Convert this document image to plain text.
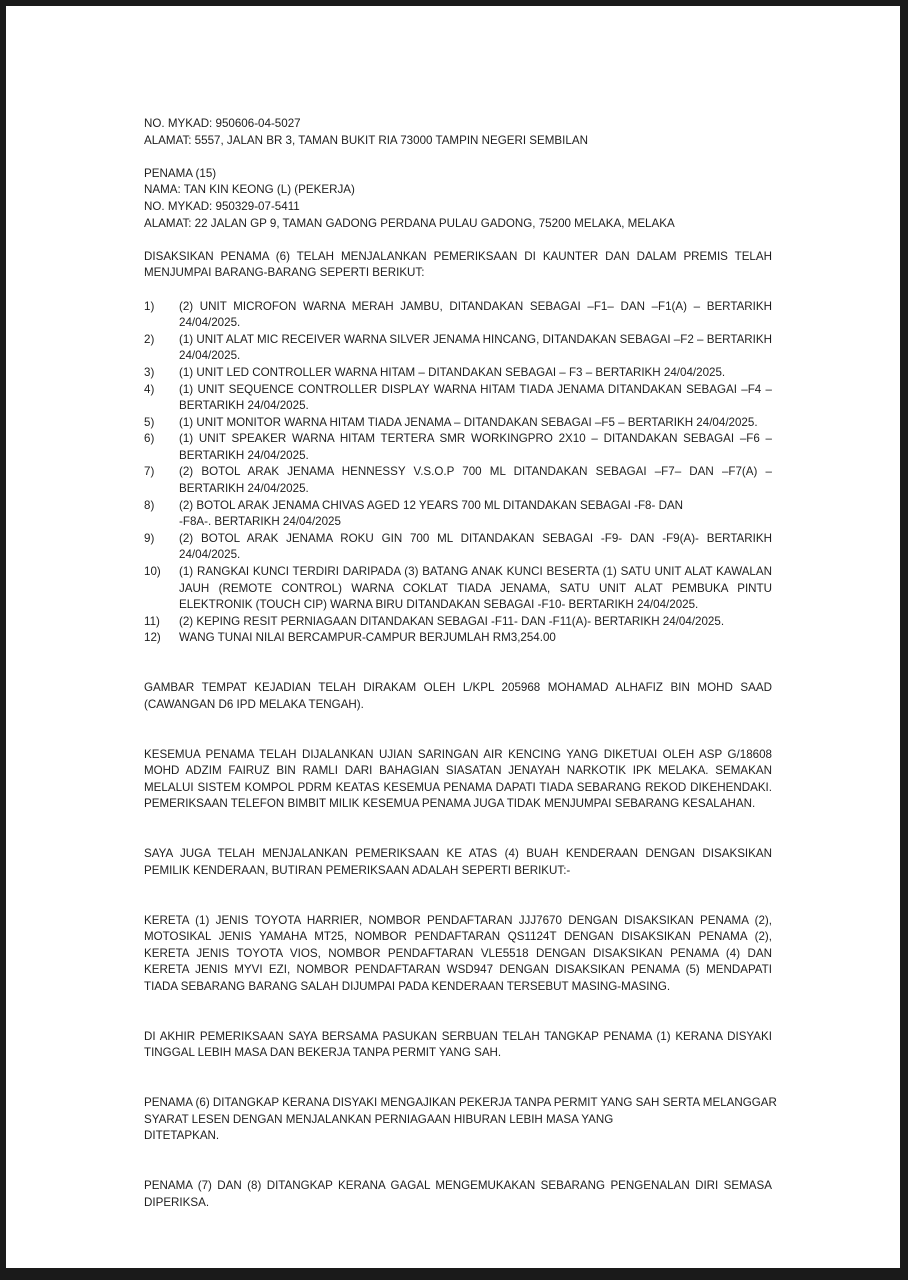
NO. MYKAD: 950606-04-5027
ALAMAT: 5557, JALAN BR 3, TAMAN BUKIT RIA 73000 TAMPIN NEGERI SEMBILAN
PENAMA (15)
NAMA: TAN KIN KEONG (L) (PEKERJA)
NO. MYKAD: 950329-07-5411
ALAMAT: 22 JALAN GP 9, TAMAN GADONG PERDANA PULAU GADONG, 75200 MELAKA, MELAKA

DISAKSIKAN PENAMA (6) TELAH MENJALANKAN PEMERIKSAAN DI KAUNTER DAN DALAM PREMIS TELAH MENJUMPAI BARANG-BARANG SEPERTI BERIKUT:

1) (2) UNIT MICROFON WARNA MERAH JAMBU, DITANDAKAN SEBAGAI –F1– DAN –F1(A) – BERTARIKH 24/04/2025.
2) (1) UNIT ALAT MIC RECEIVER WARNA SILVER JENAMA HINCANG, DITANDAKAN SEBAGAI –F2 – BERTARIKH 24/04/2025.
3) (1) UNIT LED CONTROLLER WARNA HITAM – DITANDAKAN SEBAGAI – F3 – BERTARIKH 24/04/2025.
4) (1) UNIT SEQUENCE CONTROLLER DISPLAY WARNA HITAM TIADA JENAMA DITANDAKAN SEBAGAI –F4 – BERTARIKH 24/04/2025.
5) (1) UNIT MONITOR WARNA HITAM TIADA JENAMA – DITANDAKAN SEBAGAI –F5 – BERTARIKH 24/04/2025.
6) (1) UNIT SPEAKER WARNA HITAM TERTERA SMR WORKINGPRO 2X10 – DITANDAKAN SEBAGAI –F6 – BERTARIKH 24/04/2025.
7) (2) BOTOL ARAK JENAMA HENNESSY V.S.O.P 700 ML DITANDAKAN SEBAGAI –F7– DAN –F7(A) – BERTARIKH 24/04/2025.
8) (2) BOTOL ARAK JENAMA CHIVAS AGED 12 YEARS 700 ML DITANDAKAN SEBAGAI -F8- DAN
-F8A-. BERTARIKH 24/04/2025
9) (2) BOTOL ARAK JENAMA ROKU GIN 700 ML DITANDAKAN SEBAGAI -F9- DAN -F9(A)- BERTARIKH 24/04/2025.
10) (1) RANGKAI KUNCI TERDIRI DARIPADA (3) BATANG ANAK KUNCI BESERTA (1) SATU UNIT ALAT KAWALAN JAUH (REMOTE CONTROL) WARNA COKLAT TIADA JENAMA, SATU UNIT ALAT PEMBUKA PINTU ELEKTRONIK (TOUCH CIP) WARNA BIRU DITANDAKAN SEBAGAI -F10- BERTARIKH 24/04/2025.
11) (2) KEPING RESIT PERNIAGAAN DITANDAKAN SEBAGAI -F11- DAN -F11(A)- BERTARIKH 24/04/2025.
12) WANG TUNAI NILAI BERCAMPUR-CAMPUR BERJUMLAH RM3,254.00

GAMBAR TEMPAT KEJADIAN TELAH DIRAKAM OLEH L/KPL 205968 MOHAMAD ALHAFIZ BIN MOHD SAAD (CAWANGAN D6 IPD MELAKA TENGAH).

KESEMUA PENAMA TELAH DIJALANKAN UJIAN SARINGAN AIR KENCING YANG DIKETUAI OLEH ASP G/18608 MOHD ADZIM FAIRUZ BIN RAMLI DARI BAHAGIAN SIASATAN JENAYAH NARKOTIK IPK MELAKA. SEMAKAN MELALUI SISTEM KOMPOL PDRM KEATAS KESEMUA PENAMA DAPATI TIADA SEBARANG REKOD DIKEHENDAKI. PEMERIKSAAN TELEFON BIMBIT MILIK KESEMUA PENAMA JUGA TIDAK MENJUMPAI SEBARANG KESALAHAN.

SAYA JUGA TELAH MENJALANKAN PEMERIKSAAN KE ATAS (4) BUAH KENDERAAN DENGAN DISAKSIKAN PEMILIK KENDERAAN, BUTIRAN PEMERIKSAAN ADALAH SEPERTI BERIKUT:-

KERETA (1) JENIS TOYOTA HARRIER, NOMBOR PENDAFTARAN JJJ7670 DENGAN DISAKSIKAN PENAMA (2), MOTOSIKAL JENIS YAMAHA MT25, NOMBOR PENDAFTARAN QS1124T DENGAN DISAKSIKAN PENAMA (2), KERETA JENIS TOYOTA VIOS, NOMBOR PENDAFTARAN VLE5518 DENGAN DISAKSIKAN PENAMA (4) DAN KERETA JENIS MYVI EZI, NOMBOR PENDAFTARAN WSD947 DENGAN DISAKSIKAN PENAMA (5) MENDAPATI TIADA SEBARANG BARANG SALAH DIJUMPAI PADA KENDERAAN TERSEBUT MASING-MASING.

DI AKHIR PEMERIKSAAN SAYA BERSAMA PASUKAN SERBUAN TELAH TANGKAP PENAMA (1) KERANA DISYAKI TINGGAL LEBIH MASA DAN BEKERJA TANPA PERMIT YANG SAH.

PENAMA (6) DITANGKAP KERANA DISYAKI MENGAJIKAN PEKERJA TANPA PERMIT YANG SAH SERTA MELANGGAR
SYARAT LESEN DENGAN MENJALANKAN PERNIAGAAN HIBURAN LEBIH MASA YANG
DITETAPKAN.

PENAMA (7) DAN (8) DITANGKAP KERANA GAGAL MENGEMUKAKAN SEBARANG PENGENALAN DIRI SEMASA DIPERIKSA.
